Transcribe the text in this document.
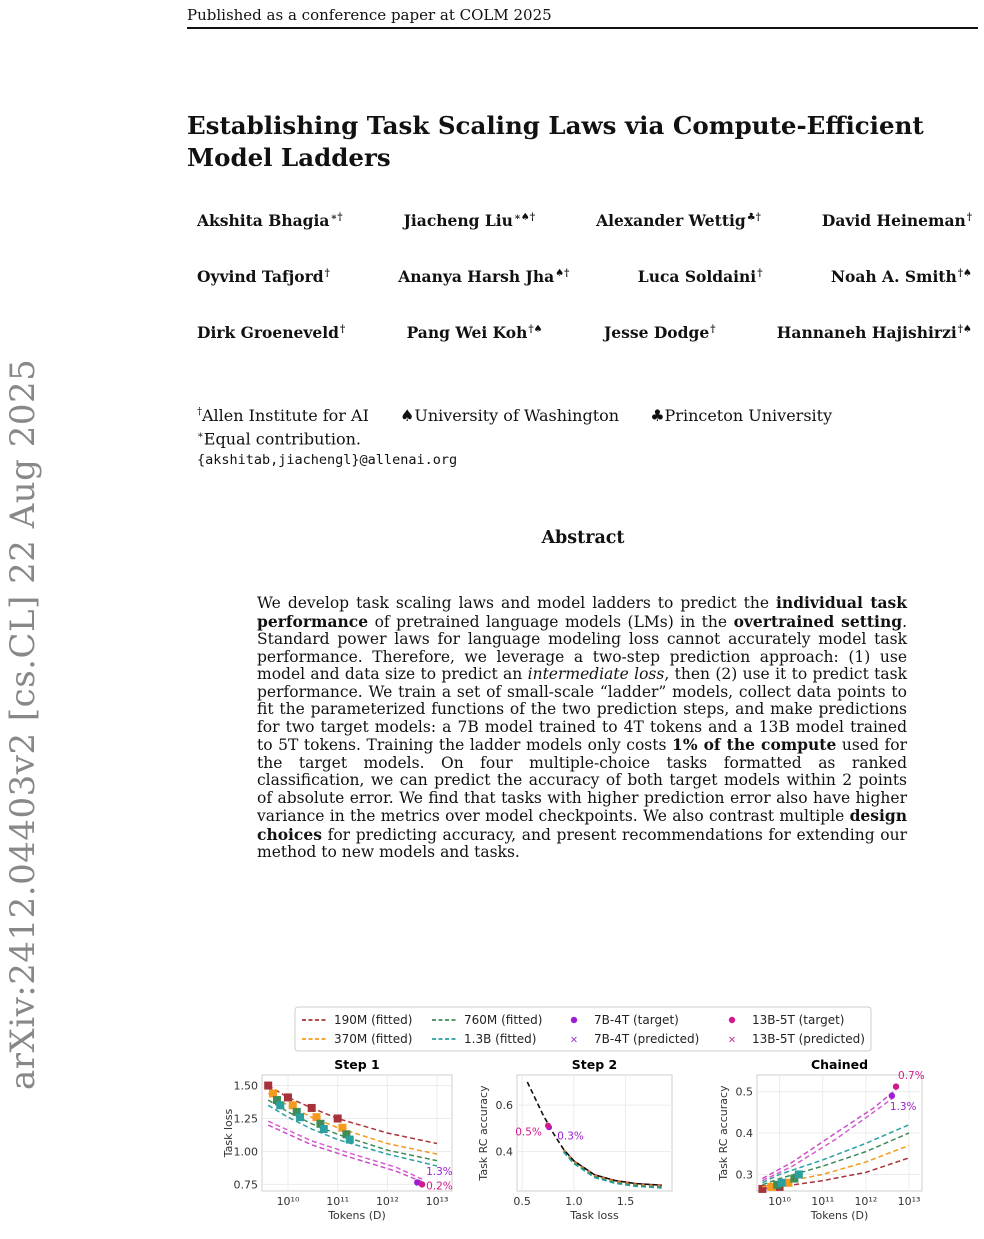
Published as a conference paper at COLM 2025
arXiv:2412.04403v2 [cs.CL] 22 Aug 2025
Establishing Task Scaling Laws via Compute-Efficient Model Ladders
Akshita Bhagia∗†	Jiacheng Liu∗♠†	Alexander Wettig♣†	David Heineman†
Oyvind Tafjord†	Ananya Harsh Jha♠†	Luca Soldaini†	Noah A. Smith†♠
Dirk Groeneveld†	Pang Wei Koh†♠	Jesse Dodge†	Hannaneh Hajishirzi†♠
†Allen Institute for AI ♠University of Washington ♣Princeton University
∗Equal contribution.
{akshitab,jiachengl}@allenai.org
Abstract
We develop task scaling laws and model ladders to predict the individual task performance of pretrained language models (LMs) in the overtrained setting. Standard power laws for language modeling loss cannot accurately model task performance. Therefore, we leverage a two-step prediction approach: (1) use model and data size to predict an intermediate loss, then (2) use it to predict task performance. We train a set of small-scale “ladder” models, collect data points to fit the parameterized functions of the two prediction steps, and make predictions for two target models: a 7B model trained to 4T tokens and a 13B model trained to 5T tokens. Training the ladder models only costs 1% of the compute used for the target models. On four multiple-choice tasks formatted as ranked classification, we can predict the accuracy of both target models within 2 points of absolute error. We find that tasks with higher prediction error also have higher variance in the metrics over model checkpoints. We also contrast multiple design choices for predicting accuracy, and present recommendations for extending our method to new models and tasks.
190M (fitted)	760M (fitted)	7B-4T (target)	13B-5T (target)
370M (fitted)	1.3B (fitted)	× 7B-4T (predicted)	× 13B-5T (predicted)
Step 1
10¹⁰ 10¹¹ 10¹² 10¹³
0.75
1.00
1.25
1.50
Tokens (D)
Task loss
1.3%
0.2%
Step 2
0.5	1.0	1.5
0.4
0.6
Task loss
Task RC accuracy 0.5% 0.3%
Chained
10¹⁰ 10¹¹ 10¹² 10¹³
0.3
0.4
0.5
Tokens (D)
Task RC accuracy
0.7%
1.3%
